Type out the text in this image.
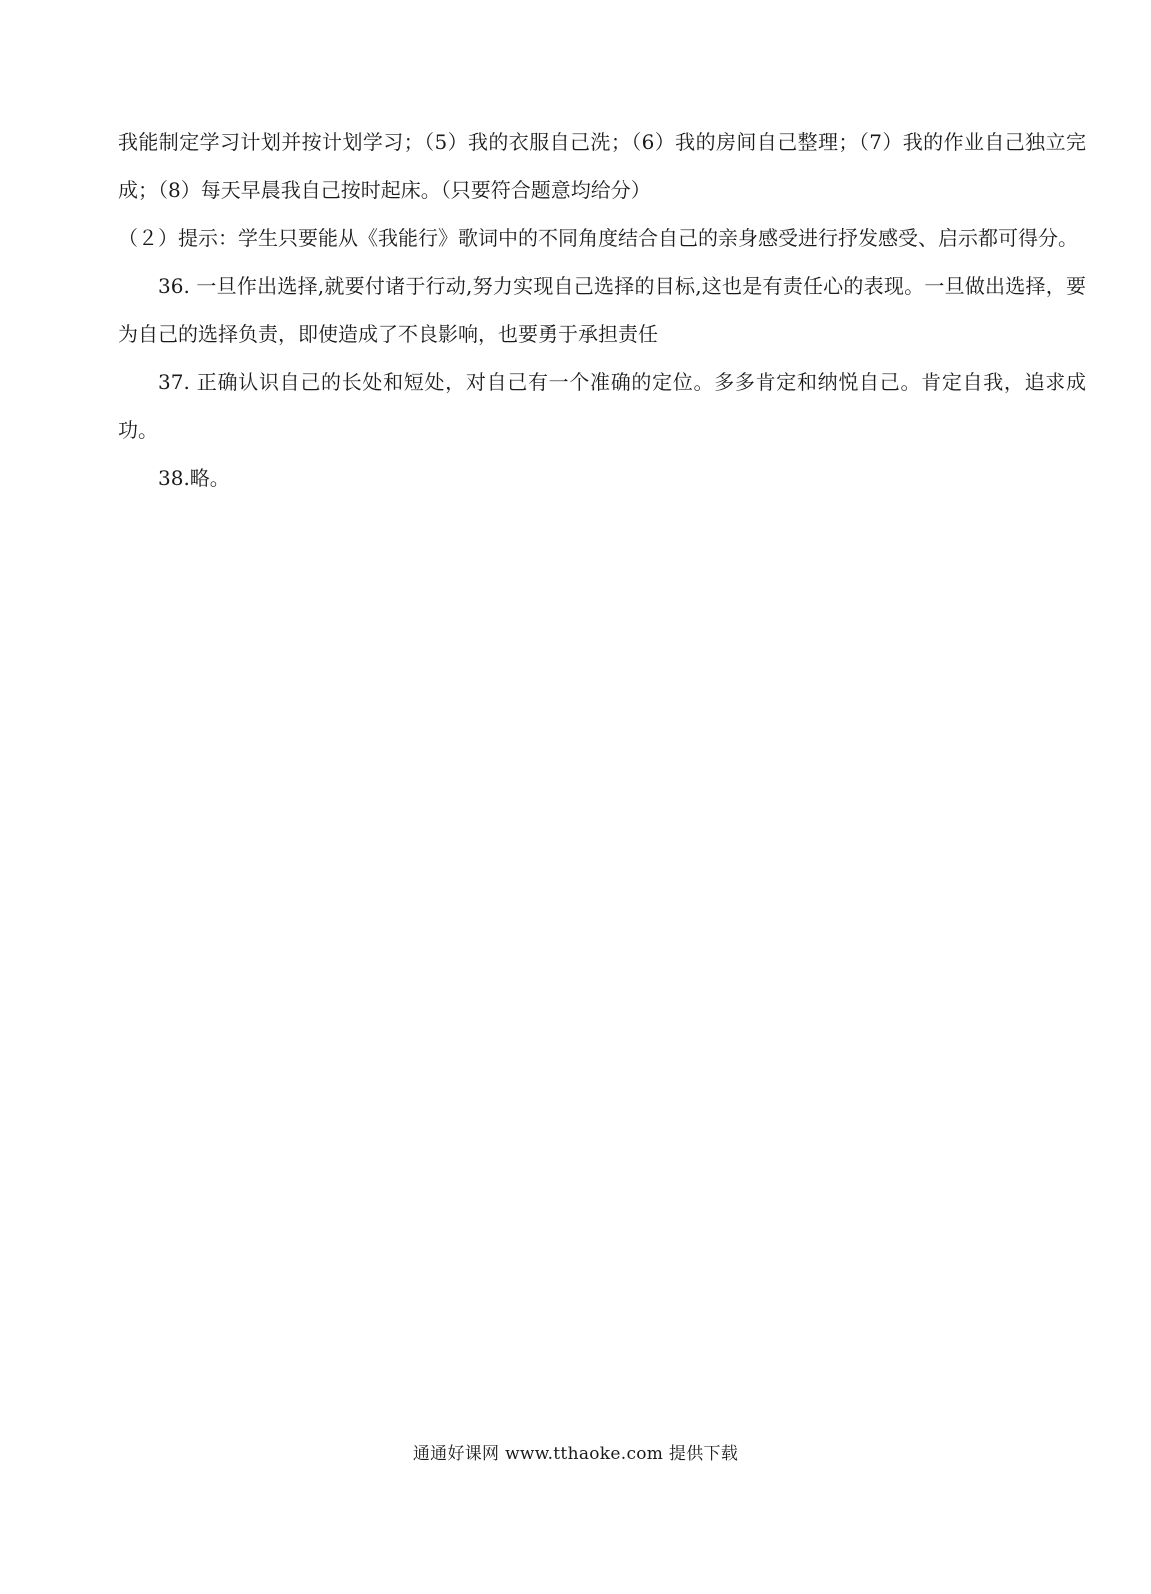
我能制定学习计划并按计划学习；（5）我的衣服自己洗；（6）我的房间自己整理；（7）我的作业自己独立完成；（8）每天早晨我自己按时起床。（只要符合题意均给分）

（２）提示：学生只要能从《我能行》歌词中的不同角度结合自己的亲身感受进行抒发感受、启示都可得分。

36. 一旦作出选择,就要付诸于行动,努力实现自己选择的目标,这也是有责任心的表现。一旦做出选择，要为自己的选择负责，即使造成了不良影响，也要勇于承担责任

37. 正确认识自己的长处和短处，对自己有一个准确的定位。多多肯定和纳悦自己。肯定自我，追求成功。

38.略。

通通好课网 www.tthaoke.com 提供下载
